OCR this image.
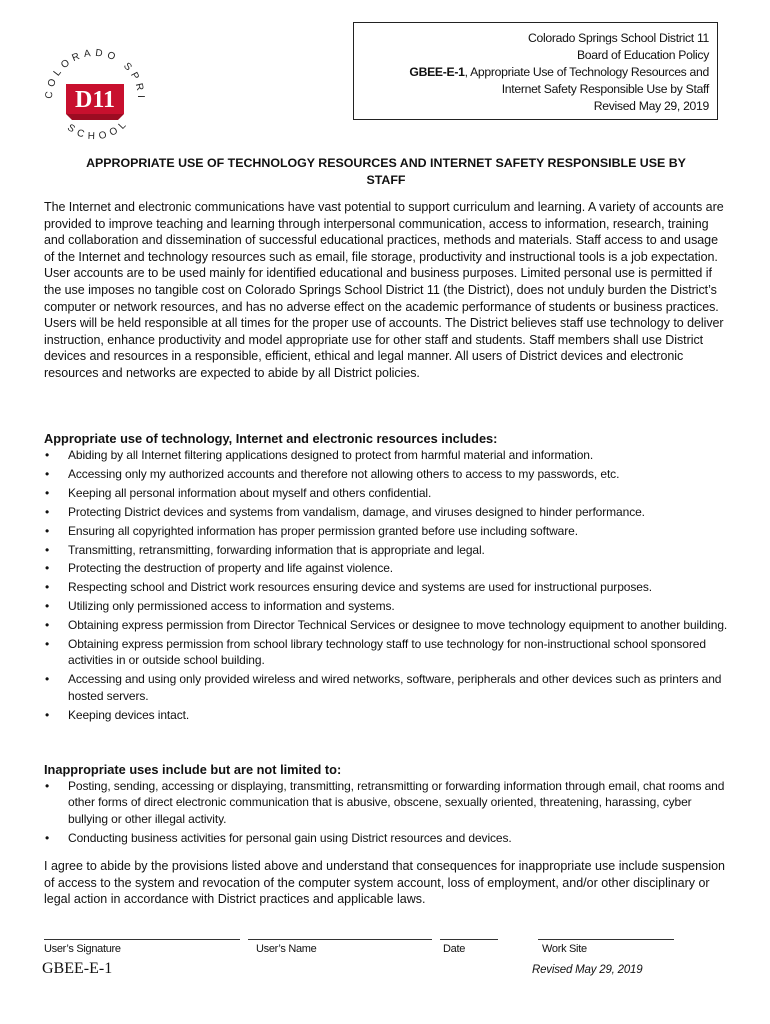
COLORADO SPRI
SCHOOL
D11
Colorado Springs School District 11
Board of Education Policy
GBEE-E-1, Appropriate Use of Technology Resources and
Internet Safety Responsible Use by Staff
Revised May 29, 2019
APPROPRIATE USE OF TECHNOLOGY RESOURCES AND INTERNET SAFETY RESPONSIBLE USE BY
STAFF
The Internet and electronic communications have vast potential to support curriculum and learning. A variety of accounts are provided to improve teaching and learning through interpersonal communication, access to information, research, training and collaboration and dissemination of successful educational practices, methods and materials. Staff access to and usage of the Internet and technology resources such as email, file storage, productivity and instructional tools is a job expectation. User accounts are to be used mainly for identified educational and business purposes. Limited personal use is permitted if the use imposes no tangible cost on Colorado Springs School District 11 (the District), does not unduly burden the District’s computer or network resources, and has no adverse effect on the academic performance of students or business practices. Users will be held responsible at all times for the proper use of accounts. The District believes staff use technology to deliver instruction, enhance productivity and model appropriate use for other staff and students. Staff members shall use District devices and resources in a responsible, efficient, ethical and legal manner. All users of District devices and electronic resources and networks are expected to abide by all District policies.
Appropriate use of technology, Internet and electronic resources includes:
• Abiding by all Internet filtering applications designed to protect from harmful material and information.
• Accessing only my authorized accounts and therefore not allowing others to access to my passwords, etc.
• Keeping all personal information about myself and others confidential.
• Protecting District devices and systems from vandalism, damage, and viruses designed to hinder performance.
• Ensuring all copyrighted information has proper permission granted before use including software.
• Transmitting, retransmitting, forwarding information that is appropriate and legal.
• Protecting the destruction of property and life against violence.
• Respecting school and District work resources ensuring device and systems are used for instructional purposes.
• Utilizing only permissioned access to information and systems.
• Obtaining express permission from Director Technical Services or designee to move technology equipment to another building.
• Obtaining express permission from school library technology staff to use technology for non-instructional school sponsored activities in or outside school building.
• Accessing and using only provided wireless and wired networks, software, peripherals and other devices such as printers and hosted servers.
• Keeping devices intact.
Inappropriate uses include but are not limited to:
• Posting, sending, accessing or displaying, transmitting, retransmitting or forwarding information through email, chat rooms and other forms of direct electronic communication that is abusive, obscene, sexually oriented, threatening, harassing, cyber bullying or other illegal activity.
• Conducting business activities for personal gain using District resources and devices.
I agree to abide by the provisions listed above and understand that consequences for inappropriate use include suspension of access to the system and revocation of the computer system account, loss of employment, and/or other disciplinary or legal action in accordance with District practices and applicable laws.
User’s Signature	User’s Name	Date	Work Site
GBEE-E-1	Revised May 29, 2019
